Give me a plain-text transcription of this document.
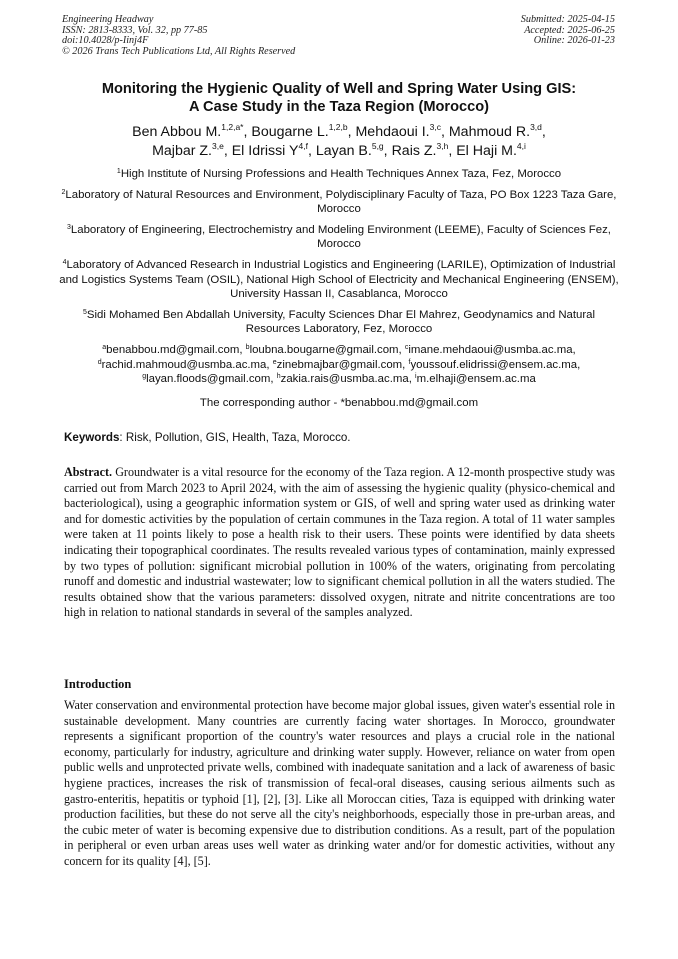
Engineering Headway
ISSN: 2813-8333, Vol. 32, pp 77-85
doi:10.4028/p-Iinj4F
© 2026 Trans Tech Publications Ltd, All Rights Reserved
Submitted: 2025-04-15
Accepted: 2025-06-25
Online: 2026-01-23
Monitoring the Hygienic Quality of Well and Spring Water Using GIS:
A Case Study in the Taza Region (Morocco)
Ben Abbou M.$^{1,2,a*}$, Bougarne L.$^{1,2,b}$, Mehdaoui I.$^{3,c}$, Mahmoud R.$^{3,d}$,
Majbar Z.$^{3,e}$, El Idrissi Y$^{4,f}$, Layan B.$^{5,g}$, Rais Z.$^{3,h}$, El Haji M.$^{4,i}$
$^1$High Institute of Nursing Professions and Health Techniques Annex Taza, Fez, Morocco
$^2$Laboratory of Natural Resources and Environment, Polydisciplinary Faculty of Taza, PO Box 1223 Taza Gare, Morocco
$^3$Laboratory of Engineering, Electrochemistry and Modeling Environment (LEEME), Faculty of Sciences Fez, Morocco
$^4$Laboratory of Advanced Research in Industrial Logistics and Engineering (LARILE), Optimization of Industrial and Logistics Systems Team (OSIL), National High School of Electricity and Mechanical Engineering (ENSEM), University Hassan II, Casablanca, Morocco
$^5$Sidi Mohamed Ben Abdallah University, Faculty Sciences Dhar El Mahrez, Geodynamics and Natural Resources Laboratory, Fez, Morocco
$^a$benabbou.md@gmail.com, $^b$loubna.bougarne@gmail.com, $^c$imane.mehdaoui@usmba.ac.ma,
$^d$rachid.mahmoud@usmba.ac.ma, $^e$zinebmajbar@gmail.com, $^f$youssouf.elidrissi@ensem.ac.ma,
$^g$layan.floods@gmail.com, $^h$zakia.rais@usmba.ac.ma, $^i$m.elhaji@ensem.ac.ma
The corresponding author - *benabbou.md@gmail.com
Keywords: Risk, Pollution, GIS, Health, Taza, Morocco.
Abstract. Groundwater is a vital resource for the economy of the Taza region. A 12-month prospective study was carried out from March 2023 to April 2024, with the aim of assessing the hygienic quality (physico-chemical and bacteriological), using a geographic information system or GIS, of well and spring water used as drinking water and for domestic activities by the population of certain communes in the Taza region. A total of 11 water samples were taken at 11 points likely to pose a health risk to their users. These points were identified by data sheets indicating their topographical coordinates. The results revealed various types of contamination, mainly expressed by two types of pollution: significant microbial pollution in 100% of the waters, originating from percolating runoff and domestic and industrial wastewater; low to significant chemical pollution in all the waters studied. The results obtained show that the various parameters: dissolved oxygen, nitrate and nitrite concentrations are too high in relation to national standards in several of the samples analyzed.
Introduction
Water conservation and environmental protection have become major global issues, given water's essential role in sustainable development. Many countries are currently facing water shortages. In Morocco, groundwater represents a significant proportion of the country's water resources and plays a crucial role in the national economy, particularly for industry, agriculture and drinking water supply. However, reliance on water from open public wells and unprotected private wells, combined with inadequate sanitation and a lack of awareness of basic hygiene practices, increases the risk of transmission of fecal-oral diseases, causing serious ailments such as gastro-enteritis, hepatitis or typhoid [1], [2], [3]. Like all Moroccan cities, Taza is equipped with drinking water production facilities, but these do not serve all the city's neighborhoods, especially those in pre-urban areas, and the cubic meter of water is becoming expensive due to distribution conditions. As a result, part of the population in peripheral or even urban areas uses well water as drinking water and/or for domestic activities, without any concern for its quality [4], [5].
